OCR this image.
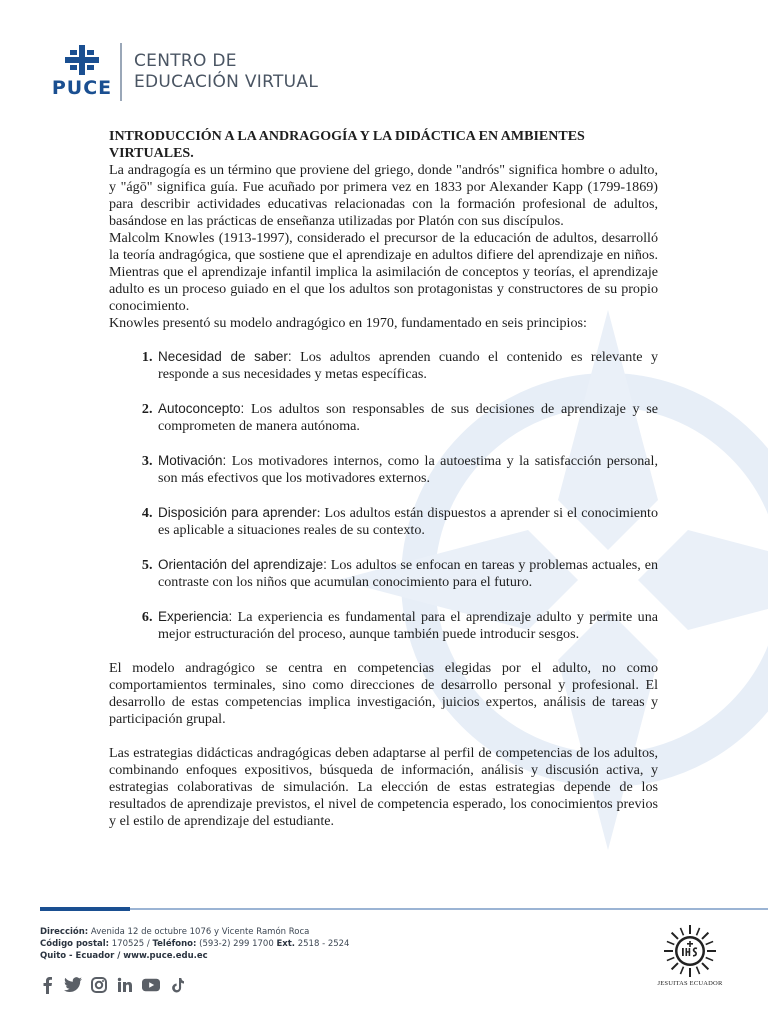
PUCE
CENTRO DE
EDUCACIÓN VIRTUAL

INTRODUCCIÓN A LA ANDRAGOGÍA Y LA DIDÁCTICA EN AMBIENTES VIRTUALES.

La andragogía es un término que proviene del griego, donde "andrós" significa hombre o adulto, y "ágō" significa guía. Fue acuñado por primera vez en 1833 por Alexander Kapp (1799-1869) para describir actividades educativas relacionadas con la formación profesional de adultos, basándose en las prácticas de enseñanza utilizadas por Platón con sus discípulos.

Malcolm Knowles (1913-1997), considerado el precursor de la educación de adultos, desarrolló la teoría andragógica, que sostiene que el aprendizaje en adultos difiere del aprendizaje en niños. Mientras que el aprendizaje infantil implica la asimilación de conceptos y teorías, el aprendizaje adulto es un proceso guiado en el que los adultos son protagonistas y constructores de su propio conocimiento.

Knowles presentó su modelo andragógico en 1970, fundamentado en seis principios:

1. Necesidad de saber: Los adultos aprenden cuando el contenido es relevante y responde a sus necesidades y metas específicas.
2. Autoconcepto: Los adultos son responsables de sus decisiones de aprendizaje y se comprometen de manera autónoma.
3. Motivación: Los motivadores internos, como la autoestima y la satisfacción personal, son más efectivos que los motivadores externos.
4. Disposición para aprender: Los adultos están dispuestos a aprender si el conocimiento es aplicable a situaciones reales de su contexto.
5. Orientación del aprendizaje: Los adultos se enfocan en tareas y problemas actuales, en contraste con los niños que acumulan conocimiento para el futuro.
6. Experiencia: La experiencia es fundamental para el aprendizaje adulto y permite una mejor estructuración del proceso, aunque también puede introducir sesgos.

El modelo andragógico se centra en competencias elegidas por el adulto, no como comportamientos terminales, sino como direcciones de desarrollo personal y profesional. El desarrollo de estas competencias implica investigación, juicios expertos, análisis de tareas y participación grupal.

Las estrategias didácticas andragógicas deben adaptarse al perfil de competencias de los adultos, combinando enfoques expositivos, búsqueda de información, análisis y discusión activa, y estrategias colaborativas de simulación. La elección de estas estrategias depende de los resultados de aprendizaje previstos, el nivel de competencia esperado, los conocimientos previos y el estilo de aprendizaje del estudiante.

Dirección: Avenida 12 de octubre 1076 y Vicente Ramón Roca
Código postal: 170525 / Teléfono: (593-2) 299 1700 Ext. 2518 - 2524
Quito - Ecuador / www.puce.edu.ec
JESUITAS ECUADOR
